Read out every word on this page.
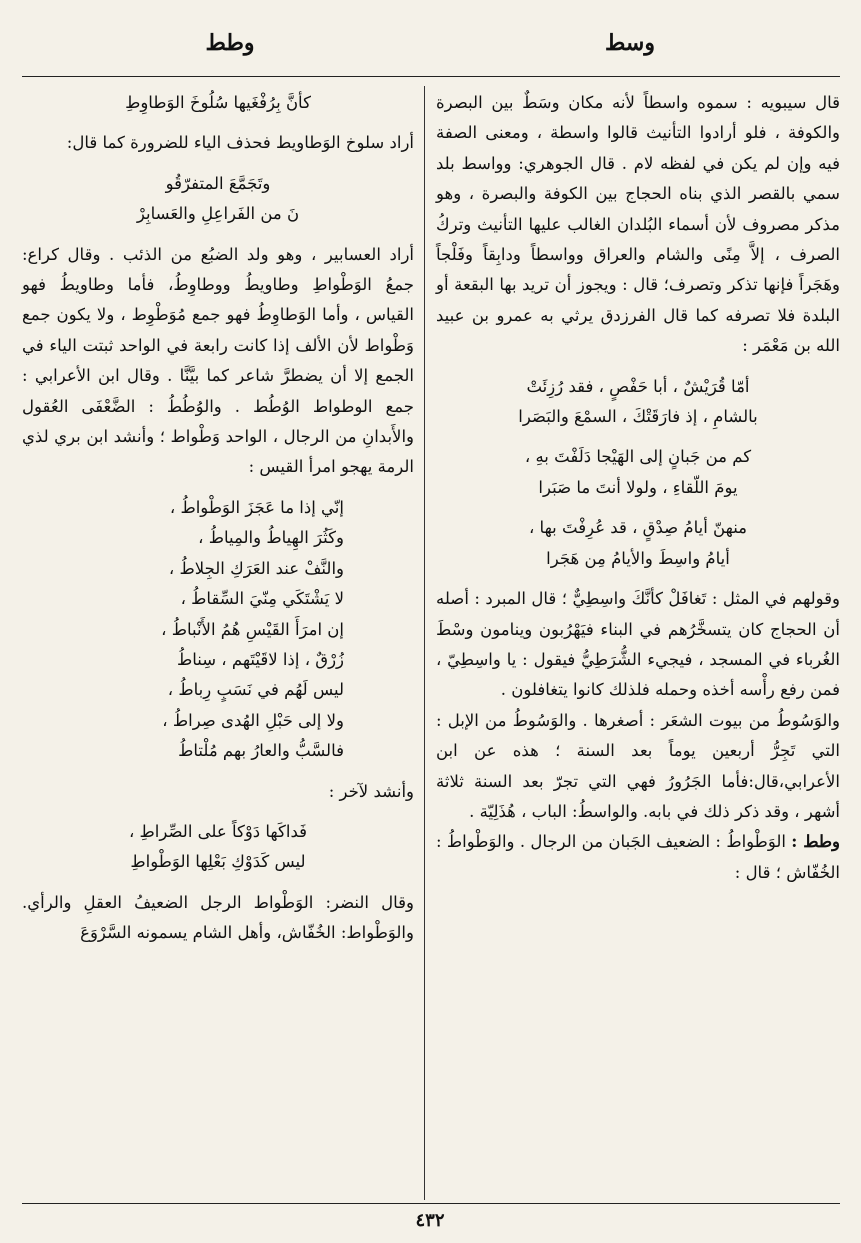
وسط
وطط

قال سيبويه : سموه واسطاً لأنه مكان وسَطٌ بين البصرة والكوفة ، فلو أرادوا التأنيث قالوا واسطة ، ومعنى الصفة فيه وإن لم يكن في لفظه لام . قال الجوهري: وواسط بلد سمي بالقصر الذي بناه الحجاج بين الكوفة والبصرة ، وهو مذكر مصروف لأن أسماء البُلدان الغالب عليها التأنيث وتركُ الصرف ، إلاَّ مِنًى والشام والعراق وواسطاً ودابِقاً وفَلْجاً وهَجَراً فإنها تذكر وتصرف؛ قال : ويجوز أن تريد بها البقعة أو البلدة فلا تصرفه كما قال الفرزدق يرثي به عمرو بن عبيد الله بن مَعْمَر :

أمّا قُرَيْشٌ ، أبا حَفْصٍ ، فقد رُزِئَتْ

بالشامِ ، إذ فارَقَتْكَ ، السمْعَ والبَصَرا

كم من جَبانٍ إلى الهَيْجا دَلَفْتَ بهِ ،

يومَ اللّقاءِ ، ولولا أنتَ ما صَبَرا

منهنّ أيامُ صِدْقٍ ، قد عُرِفْتَ بها ،

أيامُ واسِطَ والأيامُ مِن هَجَرا

وقولهم في المثل : تَغافَلْ كأنَّكَ واسِطِيٌّ ؛ قال المبرد : أصله أن الحجاج كان يتسخَّرُهم في البناء فيَهْرُبون وينامون وسْطَ الغُرباء في المسجد ، فيجيء الشُّرَطِيُّ فيقول : يا واسِطِيّ ، فمن رفع رأْسه أخذه وحمله فلذلك كانوا يتغافلون .

والوَسُوطُ من بيوت الشعَر : أصغرها . والوَسُوطُ من الإبل : التي تَجِرُّ أربعين يوماً بعد السنة ؛ هذه عن ابن الأعرابي،قال:فأما الجَرُورُ فهي التي تجرّ بعد السنة ثلاثة أشهر ، وقد ذكر ذلك في بابه. والواسطُ: الباب ، هُذَلِيّة .

وطط : الوَطْواطُ : الضعيف الجَبان من الرجال . والوَطْواطُ : الخُفّاش ؛ قال :

كأنَّ بِرُفْغَيها سُلُوخَ الوَطاوِطِ

أراد سلوخ الوَطاويط فحذف الياء للضرورة كما قال:

وتَجَمَّعَ المتفرّقُو

نَ من الفَراعِلِ والعَسابِرْ

أراد العسابير ، وهو ولد الضبُع من الذئب . وقال كراع: جمعُ الوَطْواطِ وطاويطُ ووطاوِطُ، فأما وطاويطُ فهو القياس ، وأما الوَطاوِطُ فهو جمع مُوَطْوِط ، ولا يكون جمع وَطْواط لأن الألف إذا كانت رابعة في الواحد ثبتت الياء في الجمع إلا أن يضطرَّ شاعر كما بيَّنَّا . وقال ابن الأعرابي : جمع الوطواط الوُطُط . والوُطُطُ : الضَّعْفَى العُقول والأَبدانِ من الرجال ، الواحد وَطْواط ؛ وأنشد ابن بري لذي الرمة يهجو امرأ القيس :

إنّي إذا ما عَجَزَ الوَطْواطُ ،

وكَثُرَ الهِياطُ والمِياطُ ،

والنَّفْ عند العَرَكِ الجِلاطُ ،

لا يَشْتَكَي مِنّيَ السِّقاطُ ،

إن امرَأَ القَيْسِ هُمُ الأَنْباطُ ،

زُرْقٌ ، إذا لاقَيْتَهم ، سِناطُ

ليس لَهُم في نَسَبٍ رِباطُ ،

ولا إلى حَبْلِ الهُدى صِراطُ ،

فالسَّبُّ والعارُ بهم مُلْتاطُ

وأنشد لآخر :

فَداكَها دَوْكاً على الصِّراطِ ،

ليس كَدَوْكِ بَعْلِها الوَطْواطِ

وقال النضر: الوَطْواط الرجل الضعيفُ العقلِ والرأي. والوَطْواط: الخُفّاش، وأهل الشام يسمونه السَّرْوَعَ

٤٣٢
